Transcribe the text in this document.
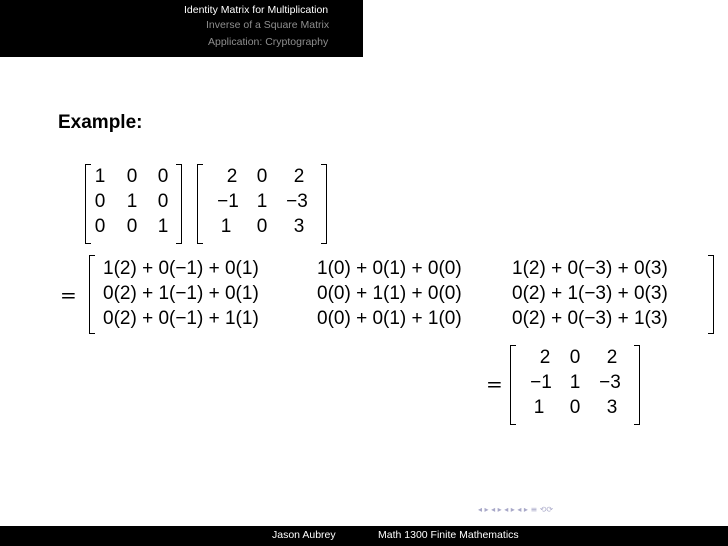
Identity Matrix for Multiplication
Inverse of a Square Matrix
Application: Cryptography
Example:
1 0 0
0 1 0
0 0 1
2 0 2
−1 1 −3
1 0 3
=
1(2) + 0(−1) + 0(1)	1(0) + 0(1) + 0(0)	1(2) + 0(−3) + 0(3)
0(2) + 1(−1) + 0(1)	0(0) + 1(1) + 0(0)	0(2) + 1(−3) + 0(3)
0(2) + 0(−1) + 1(1)	0(0) + 0(1) + 1(0)	0(2) + 0(−3) + 1(3)
=
2 0 2
−1 1 −3
1 0 3
◂ ▸ ◂ ▸ ◂ ▸ ◂ ▸ ≡ ⟲⟳
Jason Aubrey	Math 1300 Finite Mathematics
